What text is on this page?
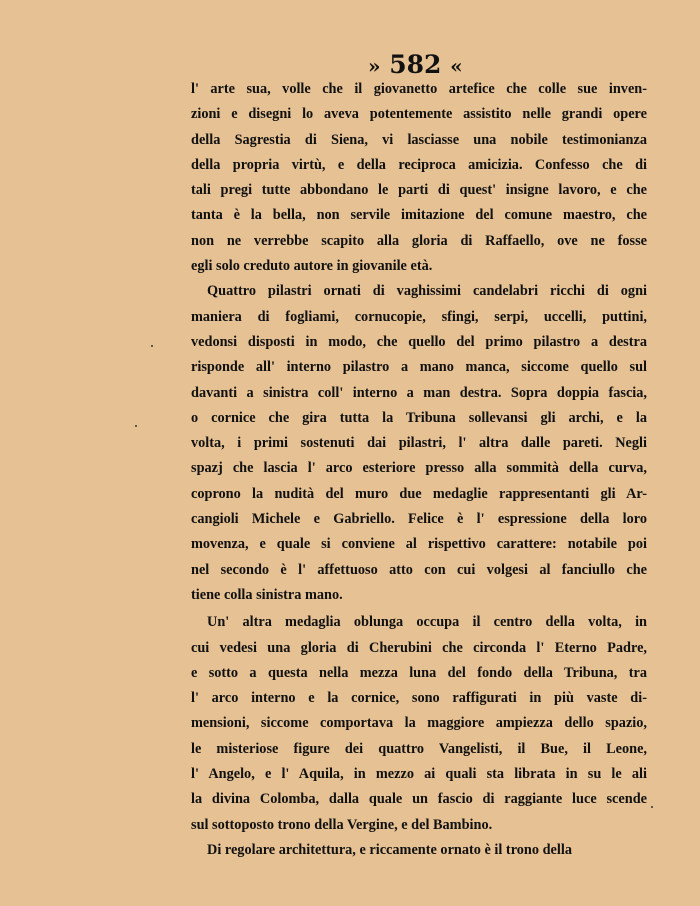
» 582 «
l' arte sua, volle che il giovanetto artefice che colle sue inven-
zioni e disegni lo aveva potentemente assistito nelle grandi opere
della Sagrestia di Siena, vi lasciasse una nobile testimonianza
della propria virtù, e della reciproca amicizia. Confesso che di
tali pregi tutte abbondano le parti di quest' insigne lavoro, e che
tanta è la bella, non servile imitazione del comune maestro, che
non ne verrebbe scapito alla gloria di Raffaello, ove ne fosse
egli solo creduto autore in giovanile età.
Quattro pilastri ornati di vaghissimi candelabri ricchi di ogni
maniera di fogliami, cornucopie, sfingi, serpi, uccelli, puttini,
vedonsi disposti in modo, che quello del primo pilastro a destra
risponde all' interno pilastro a mano manca, siccome quello sul
davanti a sinistra coll' interno a man destra. Sopra doppia fascia,
o cornice che gira tutta la Tribuna sollevansi gli archi, e la
volta, i primi sostenuti dai pilastri, l' altra dalle pareti. Negli
spazj che lascia l' arco esteriore presso alla sommità della curva,
coprono la nudità del muro due medaglie rappresentanti gli Ar-
cangioli Michele e Gabriello. Felice è l' espressione della loro
movenza, e quale si conviene al rispettivo carattere: notabile poi
nel secondo è l' affettuoso atto con cui volgesi al fanciullo che
tiene colla sinistra mano.
Un' altra medaglia oblunga occupa il centro della volta, in
cui vedesi una gloria di Cherubini che circonda l' Eterno Padre,
e sotto a questa nella mezza luna del fondo della Tribuna, tra
l' arco interno e la cornice, sono raffigurati in più vaste di-
mensioni, siccome comportava la maggiore ampiezza dello spazio,
le misteriose figure dei quattro Vangelisti, il Bue, il Leone,
l' Angelo, e l' Aquila, in mezzo ai quali sta librata in su le ali
la divina Colomba, dalla quale un fascio di raggiante luce scende
sul sottoposto trono della Vergine, e del Bambino.
Di regolare architettura, e riccamente ornato è il trono della
